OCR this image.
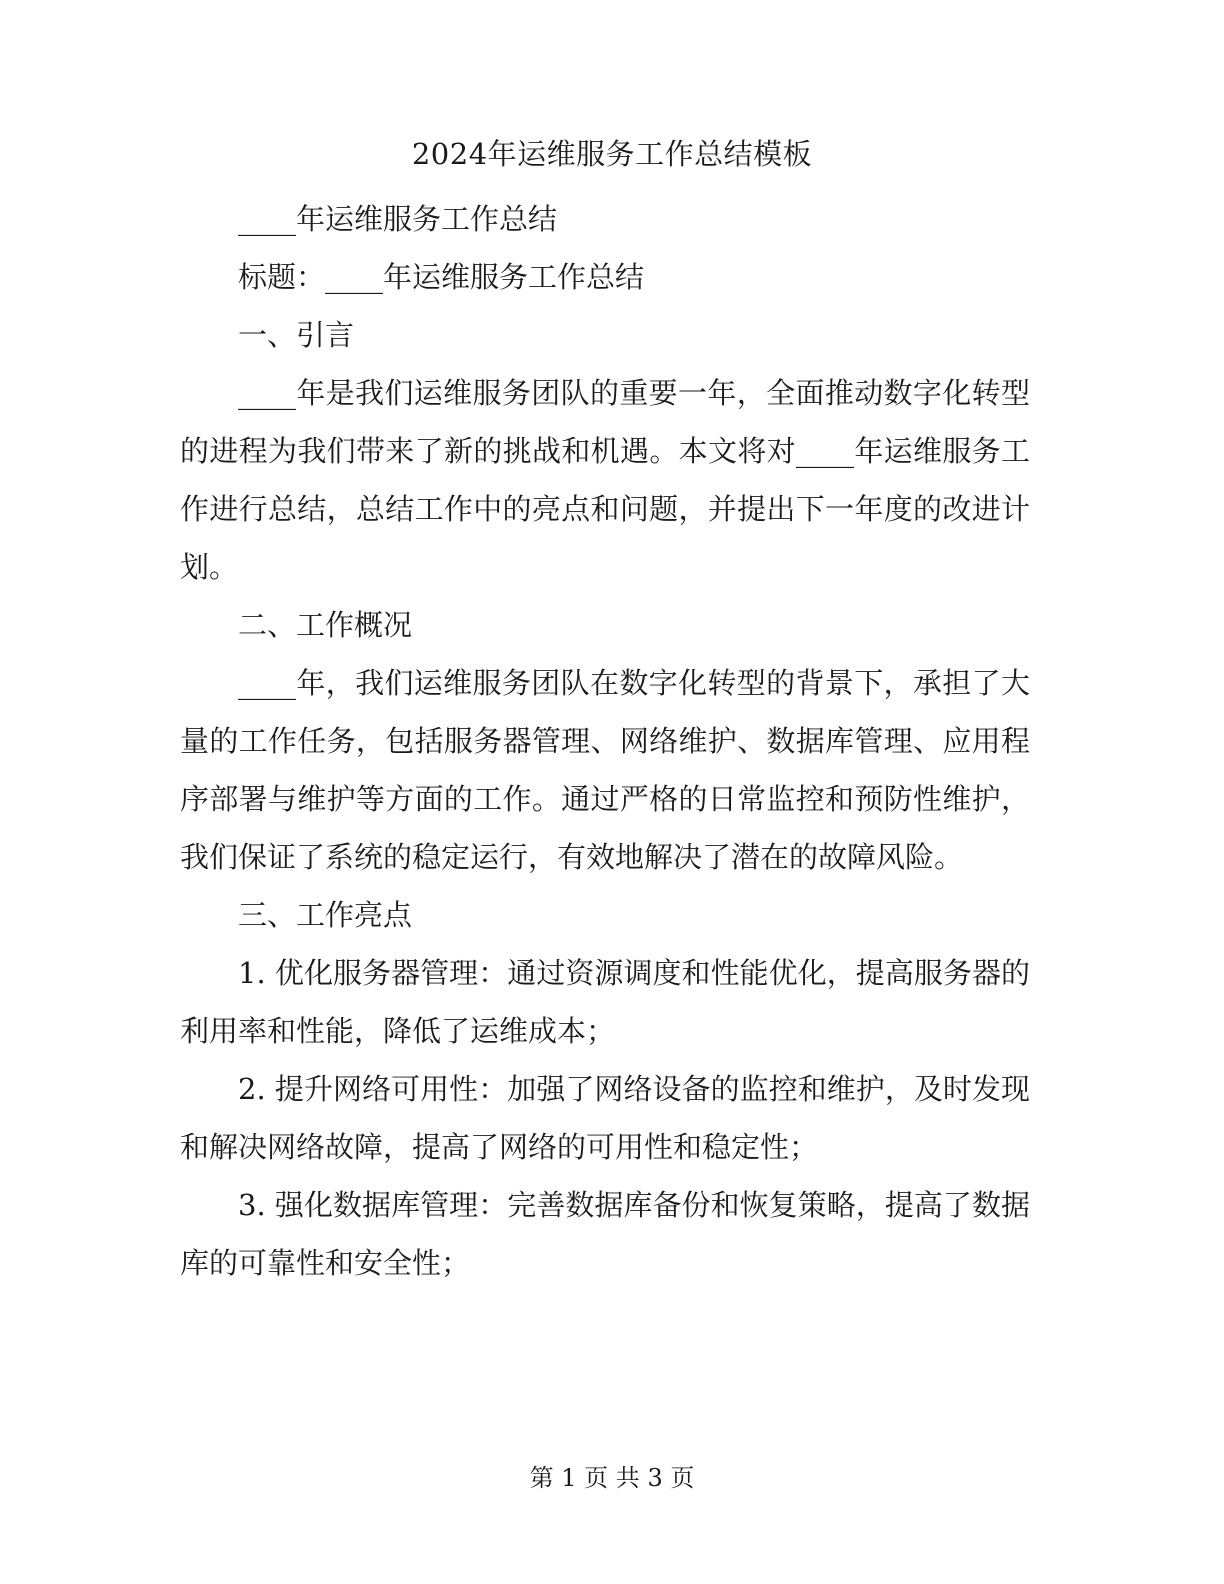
2024年运维服务工作总结模板

____年运维服务工作总结

标题：____年运维服务工作总结

一、引言

____年是我们运维服务团队的重要一年，全面推动数字化转型的进程为我们带来了新的挑战和机遇。本文将对____年运维服务工作进行总结，总结工作中的亮点和问题，并提出下一年度的改进计划。

二、工作概况

____年，我们运维服务团队在数字化转型的背景下，承担了大量的工作任务，包括服务器管理、网络维护、数据库管理、应用程序部署与维护等方面的工作。通过严格的日常监控和预防性维护，我们保证了系统的稳定运行，有效地解决了潜在的故障风险。

三、工作亮点

1. 优化服务器管理：通过资源调度和性能优化，提高服务器的利用率和性能，降低了运维成本；

2. 提升网络可用性：加强了网络设备的监控和维护，及时发现和解决网络故障，提高了网络的可用性和稳定性；

3. 强化数据库管理：完善数据库备份和恢复策略，提高了数据库的可靠性和安全性；

第 1 页 共 3 页
